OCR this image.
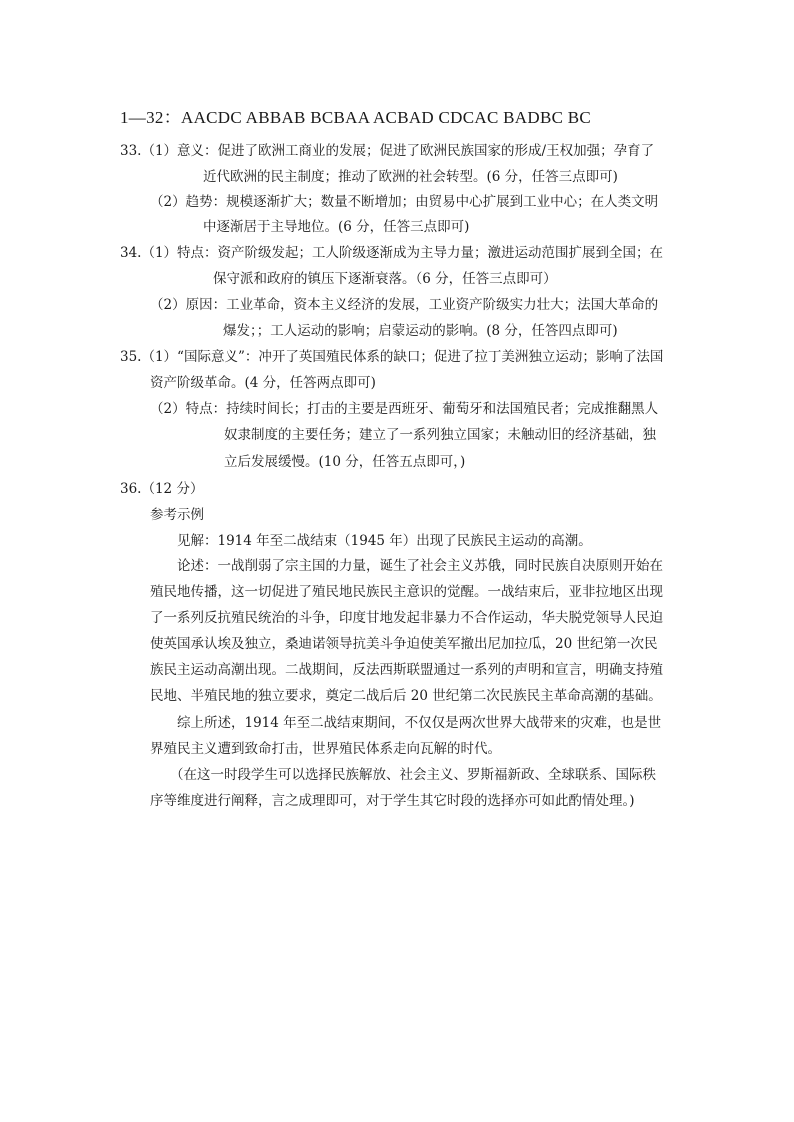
1—32：AACDC ABBAB BCBAA ACBAD CDCAC BADBC BC
33.（1）意义：促进了欧洲工商业的发展；促进了欧洲民族国家的形成/王权加强；孕育了
近代欧洲的民主制度；推动了欧洲的社会转型。(6 分，任答三点即可)
（2）趋势：规模逐渐扩大；数量不断增加；由贸易中心扩展到工业中心；在人类文明
中逐渐居于主导地位。(6 分，任答三点即可)
34.（1）特点：资产阶级发起；工人阶级逐渐成为主导力量；激进运动范围扩展到全国；在
保守派和政府的镇压下逐渐衰落。（6 分，任答三点即可）
（2）原因：工业革命，资本主义经济的发展，工业资产阶级实力壮大；法国大革命的
爆发；；工人运动的影响；启蒙运动的影响。(8 分，任答四点即可)
35.（1）“国际意义”：冲开了英国殖民体系的缺口；促进了拉丁美洲独立运动；影响了法国
资产阶级革命。(4 分，任答两点即可)
（2）特点：持续时间长；打击的主要是西班牙、葡萄牙和法国殖民者；完成推翻黑人
奴隶制度的主要任务；建立了一系列独立国家；未触动旧的经济基础，独
立后发展缓慢。(10 分，任答五点即可，)
36.（12 分）
参考示例
见解：1914 年至二战结束（1945 年）出现了民族民主运动的高潮。
论述：一战削弱了宗主国的力量，诞生了社会主义苏俄，同时民族自决原则开始在
殖民地传播，这一切促进了殖民地民族民主意识的觉醒。一战结束后，亚非拉地区出现
了一系列反抗殖民统治的斗争，印度甘地发起非暴力不合作运动，华夫脱党领导人民迫
使英国承认埃及独立，桑迪诺领导抗美斗争迫使美军撤出尼加拉瓜，20 世纪第一次民
族民主运动高潮出现。二战期间，反法西斯联盟通过一系列的声明和宣言，明确支持殖
民地、半殖民地的独立要求，奠定二战后后 20 世纪第二次民族民主革命高潮的基础。
综上所述，1914 年至二战结束期间，不仅仅是两次世界大战带来的灾难，也是世
界殖民主义遭到致命打击，世界殖民体系走向瓦解的时代。
（在这一时段学生可以选择民族解放、社会主义、罗斯福新政、全球联系、国际秩
序等维度进行阐释，言之成理即可，对于学生其它时段的选择亦可如此酌情处理。)
